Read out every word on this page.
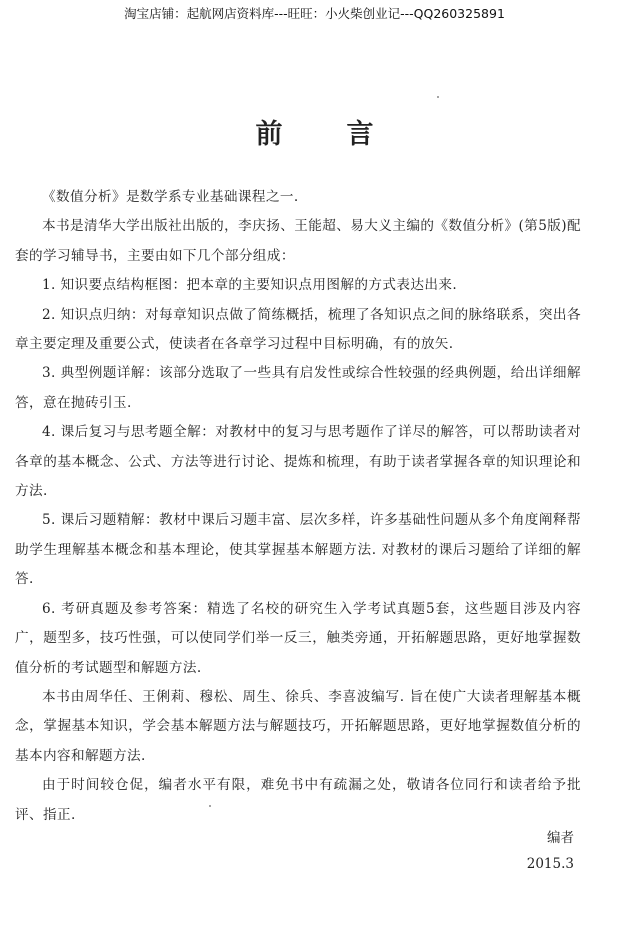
淘宝店铺：起航网店资料库---旺旺：小火柴创业记---QQ260325891
前 言

《数值分析》是数学系专业基础课程之一.

本书是清华大学出版社出版的，李庆扬、王能超、易大义主编的《数值分析》(第5版)配套的学习辅导书，主要由如下几个部分组成：

1. 知识要点结构框图：把本章的主要知识点用图解的方式表达出来.

2. 知识点归纳：对每章知识点做了简练概括，梳理了各知识点之间的脉络联系，突出各章主要定理及重要公式，使读者在各章学习过程中目标明确，有的放矢.

3. 典型例题详解：该部分选取了一些具有启发性或综合性较强的经典例题，给出详细解答，意在抛砖引玉.

4. 课后复习与思考题全解：对教材中的复习与思考题作了详尽的解答，可以帮助读者对各章的基本概念、公式、方法等进行讨论、提炼和梳理，有助于读者掌握各章的知识理论和方法.

5. 课后习题精解：教材中课后习题丰富、层次多样，许多基础性问题从多个角度阐释帮助学生理解基本概念和基本理论，使其掌握基本解题方法. 对教材的课后习题给了详细的解答.

6. 考研真题及参考答案：精选了名校的研究生入学考试真题5套，这些题目涉及内容广，题型多，技巧性强，可以使同学们举一反三，触类旁通，开拓解题思路，更好地掌握数值分析的考试题型和解题方法.

本书由周华任、王俐莉、穆松、周生、徐兵、李喜波编写. 旨在使广大读者理解基本概念，掌握基本知识，学会基本解题方法与解题技巧，开拓解题思路，更好地掌握数值分析的基本内容和解题方法.

由于时间较仓促，编者水平有限，难免书中有疏漏之处，敬请各位同行和读者给予批评、指正.

编者
2015.3
